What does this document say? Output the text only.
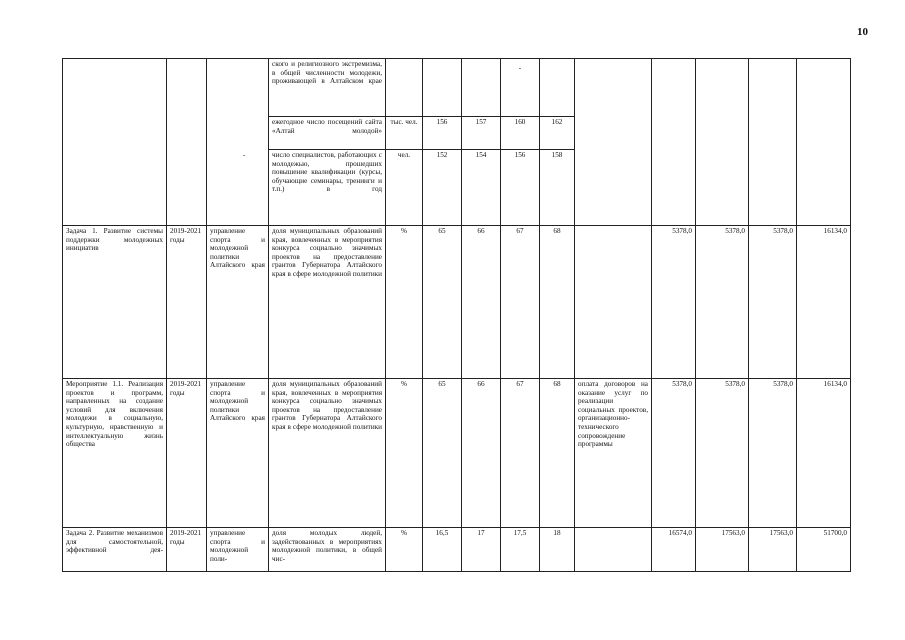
10
-
			ского и религиозного экстремизма, в общей численности молодежи, проживающей в Алтайском крае				-						

			ежегодное число посещений сайта «Алтай молодой»	тыс. чел.	156	157	160	162					
			число специалистов, работающих с молодежью, прошедших повышение квалификации (курсы, обучающие семинары, тренинги и т.п.) в год	чел.	152	154	156	158					
Задача 1. Развитие системы поддержки молодежных инициатив	2019-2021 годы	управление спорта и молодежной политики Алтайского края	доля муниципальных образований края, вовлеченных в мероприятия конкурса социально значимых проектов на предоставление грантов Губернатора Алтайского края в сфере молодежной политики	%	65	66	67	68		5378,0	5378,0	5378,0	16134,0
Мероприятие 1.1. Реализация проектов и программ, направленных на создание условий для включения молодежи в социальную, культурную, нравственную и интеллектуальную жизнь общества	2019-2021 годы	управление спорта и молодежной политики Алтайского края	доля муниципальных образований края, вовлеченных в мероприятия конкурса социально значимых проектов на предоставление грантов Губернатора Алтайского края в сфере молодежной политики	%	65	66	67	68	оплата договоров на оказание услуг по реализации социальных проектов, организационно-технического сопровождение программы	5378,0	5378,0	5378,0	16134,0
Задача 2. Развитие механизмов для самостоятельной, эффективной дея-	2019-2021 годы	управление спорта и молодежной поли-	доля молодых людей, задействованных в мероприятиях молодежной политики, в общей чис-	%	16,5	17	17,5	18		16574,0	17563,0	17563,0	51700,0
